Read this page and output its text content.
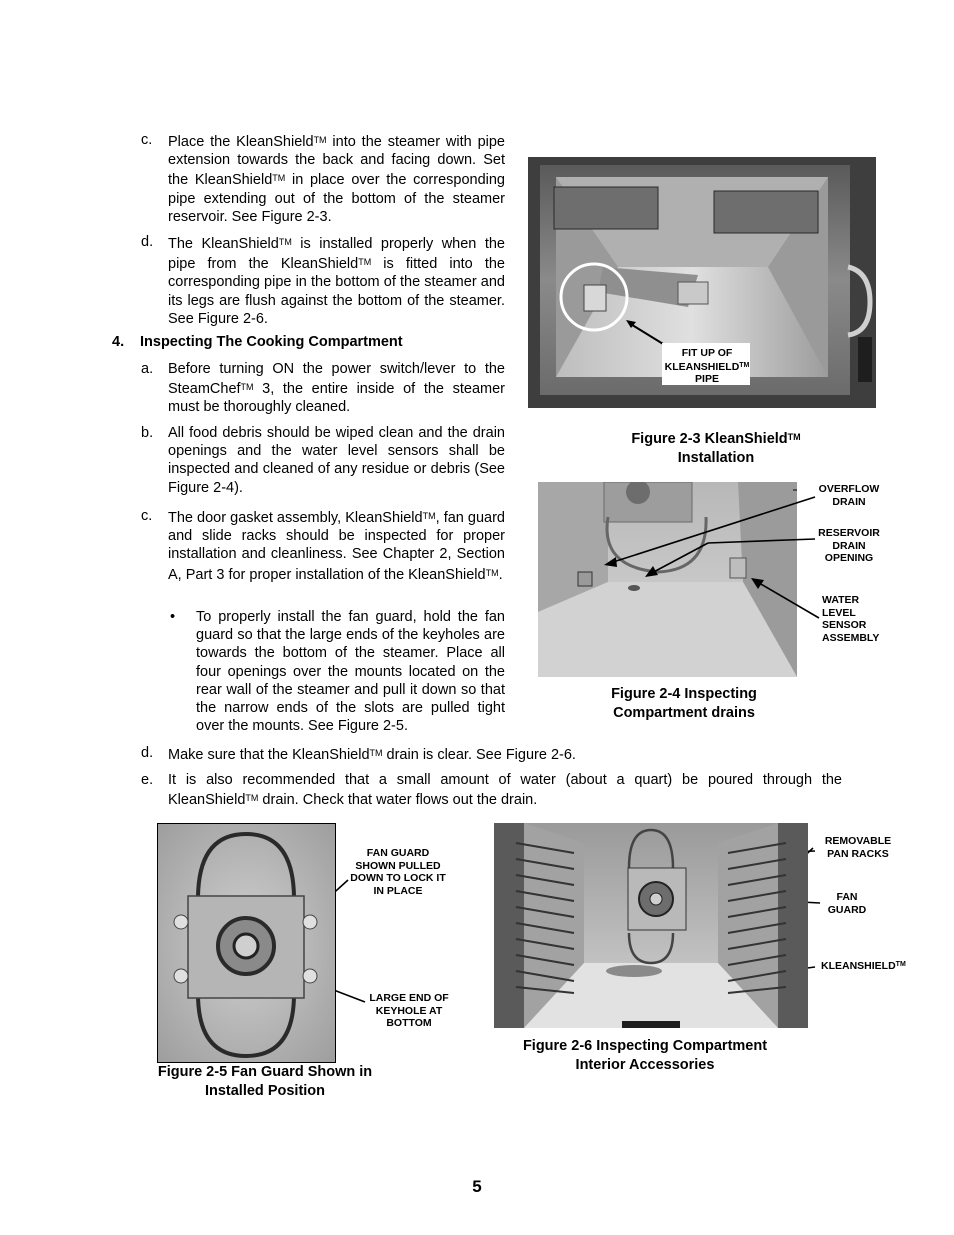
c. Place the KleanShield™ into the steamer with pipe extension towards the back and facing down. Set the KleanShield™ in place over the corresponding pipe extending out of the bottom of the steamer reservoir. See Figure 2-3.
d. The KleanShield™ is installed properly when the pipe from the KleanShield™ is fitted into the corresponding pipe in the bottom of the steamer and its legs are flush against the bottom of the steamer. See Figure 2-6.
4. Inspecting The Cooking Compartment
a. Before turning ON the power switch/lever to the SteamChef™ 3, the entire inside of the steamer must be thoroughly cleaned.
b. All food debris should be wiped clean and the drain openings and the water level sensors shall be inspected and cleaned of any residue or debris (See Figure 2-4).
c. The door gasket assembly, KleanShield™, fan guard and slide racks should be inspected for proper installation and cleanliness. See Chapter 2, Section A, Part 3 for proper installation of the KleanShield™.
• To properly install the fan guard, hold the fan guard so that the large ends of the keyholes are towards the bottom of the steamer. Place all four openings over the mounts located on the rear wall of the steamer and pull it down so that the narrow ends of the slots are pulled tight over the mounts. See Figure 2-5.
d. Make sure that the KleanShield™ drain is clear. See Figure 2-6.
e. It is also recommended that a small amount of water (about a quart) be poured through the KleanShield™ drain. Check that water flows out the drain.
FIT UP OF
KLEANSHIELD™
PIPE
Figure 2-3 KleanShield™
Installation
OVERFLOW
DRAIN
RESERVOIR
DRAIN
OPENING
WATER
LEVEL
SENSOR
ASSEMBLY
Figure 2-4 Inspecting
Compartment drains
FAN GUARD
SHOWN PULLED
DOWN TO LOCK IT
IN PLACE
LARGE END OF
KEYHOLE AT
BOTTOM
Figure 2-5 Fan Guard Shown in
Installed Position
REMOVABLE
PAN RACKS
FAN
GUARD
KLEANSHIELD™
Figure 2-6 Inspecting Compartment
Interior Accessories
5
